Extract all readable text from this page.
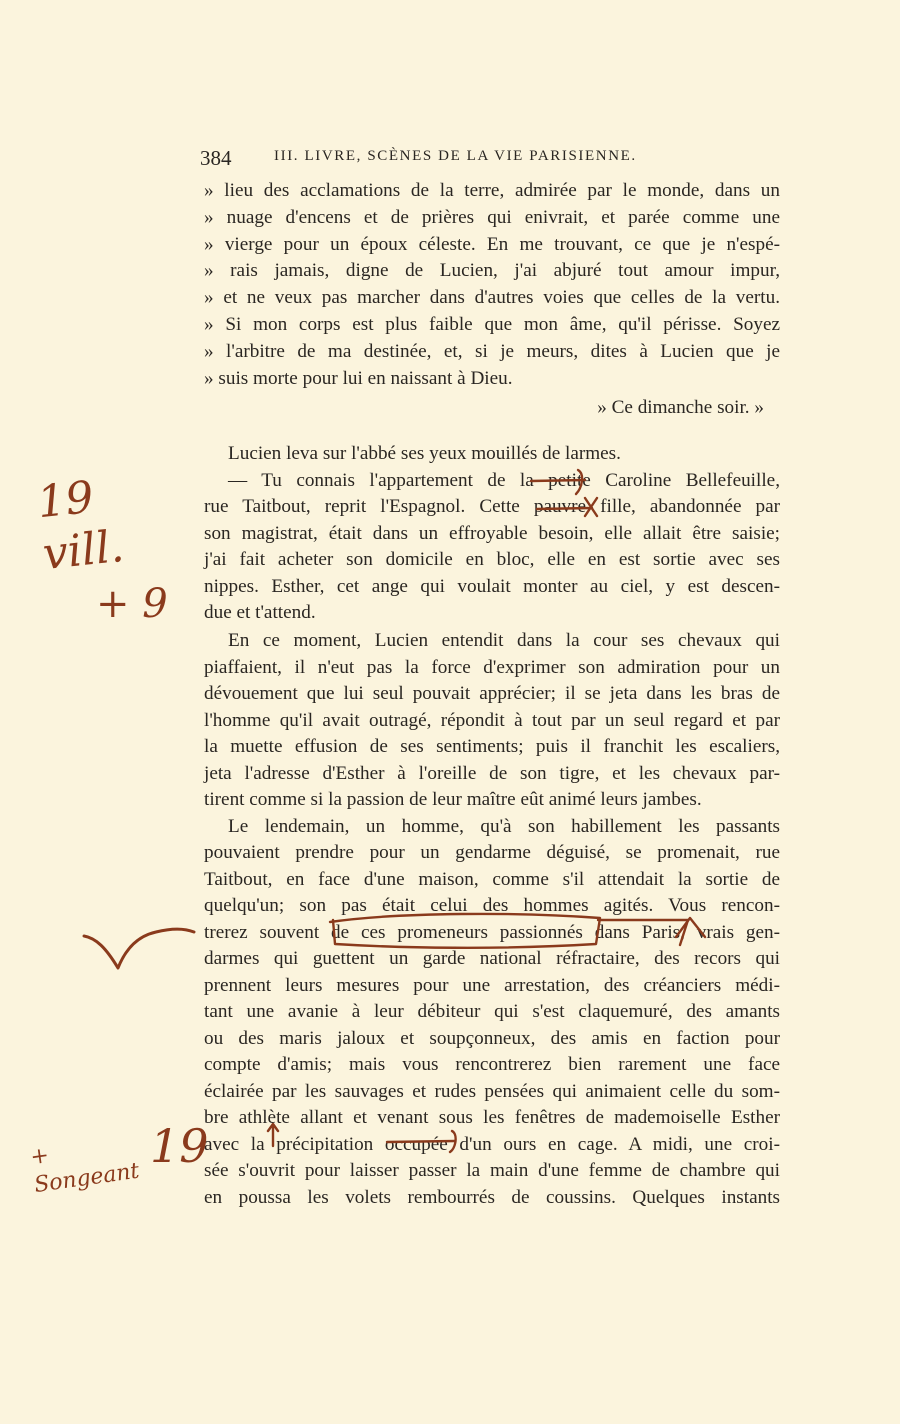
384	III. LIVRE, SCÈNES DE LA VIE PARISIENNE.
» lieu des acclamations de la terre, admirée par le monde, dans un
» nuage d'encens et de prières qui enivrait, et parée comme une
» vierge pour un époux céleste. En me trouvant, ce que je n'espé-
» rais jamais, digne de Lucien, j'ai abjuré tout amour impur,
» et ne veux pas marcher dans d'autres voies que celles de la vertu.
» Si mon corps est plus faible que mon âme, qu'il périsse. Soyez
» l'arbitre de ma destinée, et, si je meurs, dites à Lucien que je
» suis morte pour lui en naissant à Dieu.
» Ce dimanche soir. »
Lucien leva sur l'abbé ses yeux mouillés de larmes.
— Tu connais l'appartement de la petite Caroline Bellefeuille,
rue Taitbout, reprit l'Espagnol. Cette pauvre fille, abandonnée par
son magistrat, était dans un effroyable besoin, elle allait être saisie;
j'ai fait acheter son domicile en bloc, elle en est sortie avec ses
nippes. Esther, cet ange qui voulait monter au ciel, y est descen-
due et t'attend.
En ce moment, Lucien entendit dans la cour ses chevaux qui
piaffaient, il n'eut pas la force d'exprimer son admiration pour un
dévouement que lui seul pouvait apprécier; il se jeta dans les bras de
l'homme qu'il avait outragé, répondit à tout par un seul regard et par
la muette effusion de ses sentiments; puis il franchit les escaliers,
jeta l'adresse d'Esther à l'oreille de son tigre, et les chevaux par-
tirent comme si la passion de leur maître eût animé leurs jambes.
Le lendemain, un homme, qu'à son habillement les passants
pouvaient prendre pour un gendarme déguisé, se promenait, rue
Taitbout, en face d'une maison, comme s'il attendait la sortie de
quelqu'un; son pas était celui des hommes agités. Vous rencon-
trerez souvent de ces promeneurs passionnés dans Paris, vrais gen-
darmes qui guettent un garde national réfractaire, des recors qui
prennent leurs mesures pour une arrestation, des créanciers médi-
tant une avanie à leur débiteur qui s'est claquemuré, des amants
ou des maris jaloux et soupçonneux, des amis en faction pour
compte d'amis; mais vous rencontrerez bien rarement une face
éclairée par les sauvages et rudes pensées qui animaient celle du som-
bre athlète allant et venant sous les fenêtres de mademoiselle Esther
avec la précipitation occupée d'un ours en cage. A midi, une croi-
sée s'ouvrit pour laisser passer la main d'une femme de chambre qui
en poussa les volets rembourrés de coussins. Quelques instants
19 vill.
+ 9
+ Songeant
19
